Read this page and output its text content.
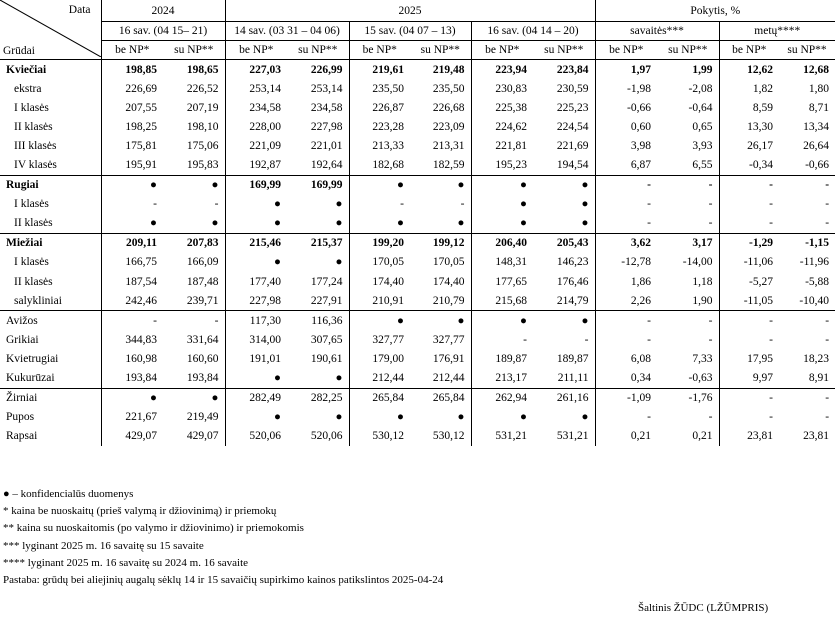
Data
Grūdai	2024		2025						Pokytis, %			
	16 sav. (04 15– 21)		14 sav. (03 31 – 04 06)		15 sav. (04 07 – 13)		16 sav. (04 14 – 20)		savaitės***		metų****	
	be NP*	su NP**	be NP*	su NP**	be NP*	su NP**	be NP*	su NP**	be NP*	su NP**	be NP*	su NP**
Kviečiai	198,85	198,65	227,03	226,99	219,61	219,48	223,94	223,84	1,97	1,99	12,62	12,68
ekstra	226,69	226,52	253,14	253,14	235,50	235,50	230,83	230,59	-1,98	-2,08	1,82	1,80
I klasės	207,55	207,19	234,58	234,58	226,87	226,68	225,38	225,23	-0,66	-0,64	8,59	8,71
II klasės	198,25	198,10	228,00	227,98	223,28	223,09	224,62	224,54	0,60	0,65	13,30	13,34
III klasės	175,81	175,06	221,09	221,01	213,33	213,31	221,81	221,69	3,98	3,93	26,17	26,64
IV klasės	195,91	195,83	192,87	192,64	182,68	182,59	195,23	194,54	6,87	6,55	-0,34	-0,66
Rugiai	●	●	169,99	169,99	●	●	●	●	-	-	-	-
I klasės	-	-	●	●	-	-	●	●	-	-	-	-
II klasės	●	●	●	●	●	●	●	●	-	-	-	-
Miežiai	209,11	207,83	215,46	215,37	199,20	199,12	206,40	205,43	3,62	3,17	-1,29	-1,15
I klasės	166,75	166,09	●	●	170,05	170,05	148,31	146,23	-12,78	-14,00	-11,06	-11,96
II klasės	187,54	187,48	177,40	177,24	174,40	174,40	177,65	176,46	1,86	1,18	-5,27	-5,88
salykliniai	242,46	239,71	227,98	227,91	210,91	210,79	215,68	214,79	2,26	1,90	-11,05	-10,40
Avižos	-	-	117,30	116,36	●	●	●	●	-	-	-	-
Grikiai	344,83	331,64	314,00	307,65	327,77	327,77	-	-	-	-	-	-
Kvietrugiai	160,98	160,60	191,01	190,61	179,00	176,91	189,87	189,87	6,08	7,33	17,95	18,23
Kukurūzai	193,84	193,84	●	●	212,44	212,44	213,17	211,11	0,34	-0,63	9,97	8,91
Žirniai	●	●	282,49	282,25	265,84	265,84	262,94	261,16	-1,09	-1,76	-	-
Pupos	221,67	219,49	●	●	●	●	●	●	-	-	-	-
Rapsai	429,07	429,07	520,06	520,06	530,12	530,12	531,21	531,21	0,21	0,21	23,81	23,81
● – konfidencialūs duomenys
* kaina be nuoskaitų (prieš valymą ir džiovinimą) ir priemokų
** kaina su nuoskaitomis (po valymo ir džiovinimo) ir priemokomis
*** lyginant 2025 m. 16 savaitę su 15 savaite
**** lyginant 2025 m. 16 savaitę su 2024 m. 16 savaite
Pastaba: grūdų bei aliejinių augalų sėklų 14 ir 15 savaičių supirkimo kainos patikslintos 2025-04-24
Šaltinis ŽŪDC (LŽŪMPRIS)
